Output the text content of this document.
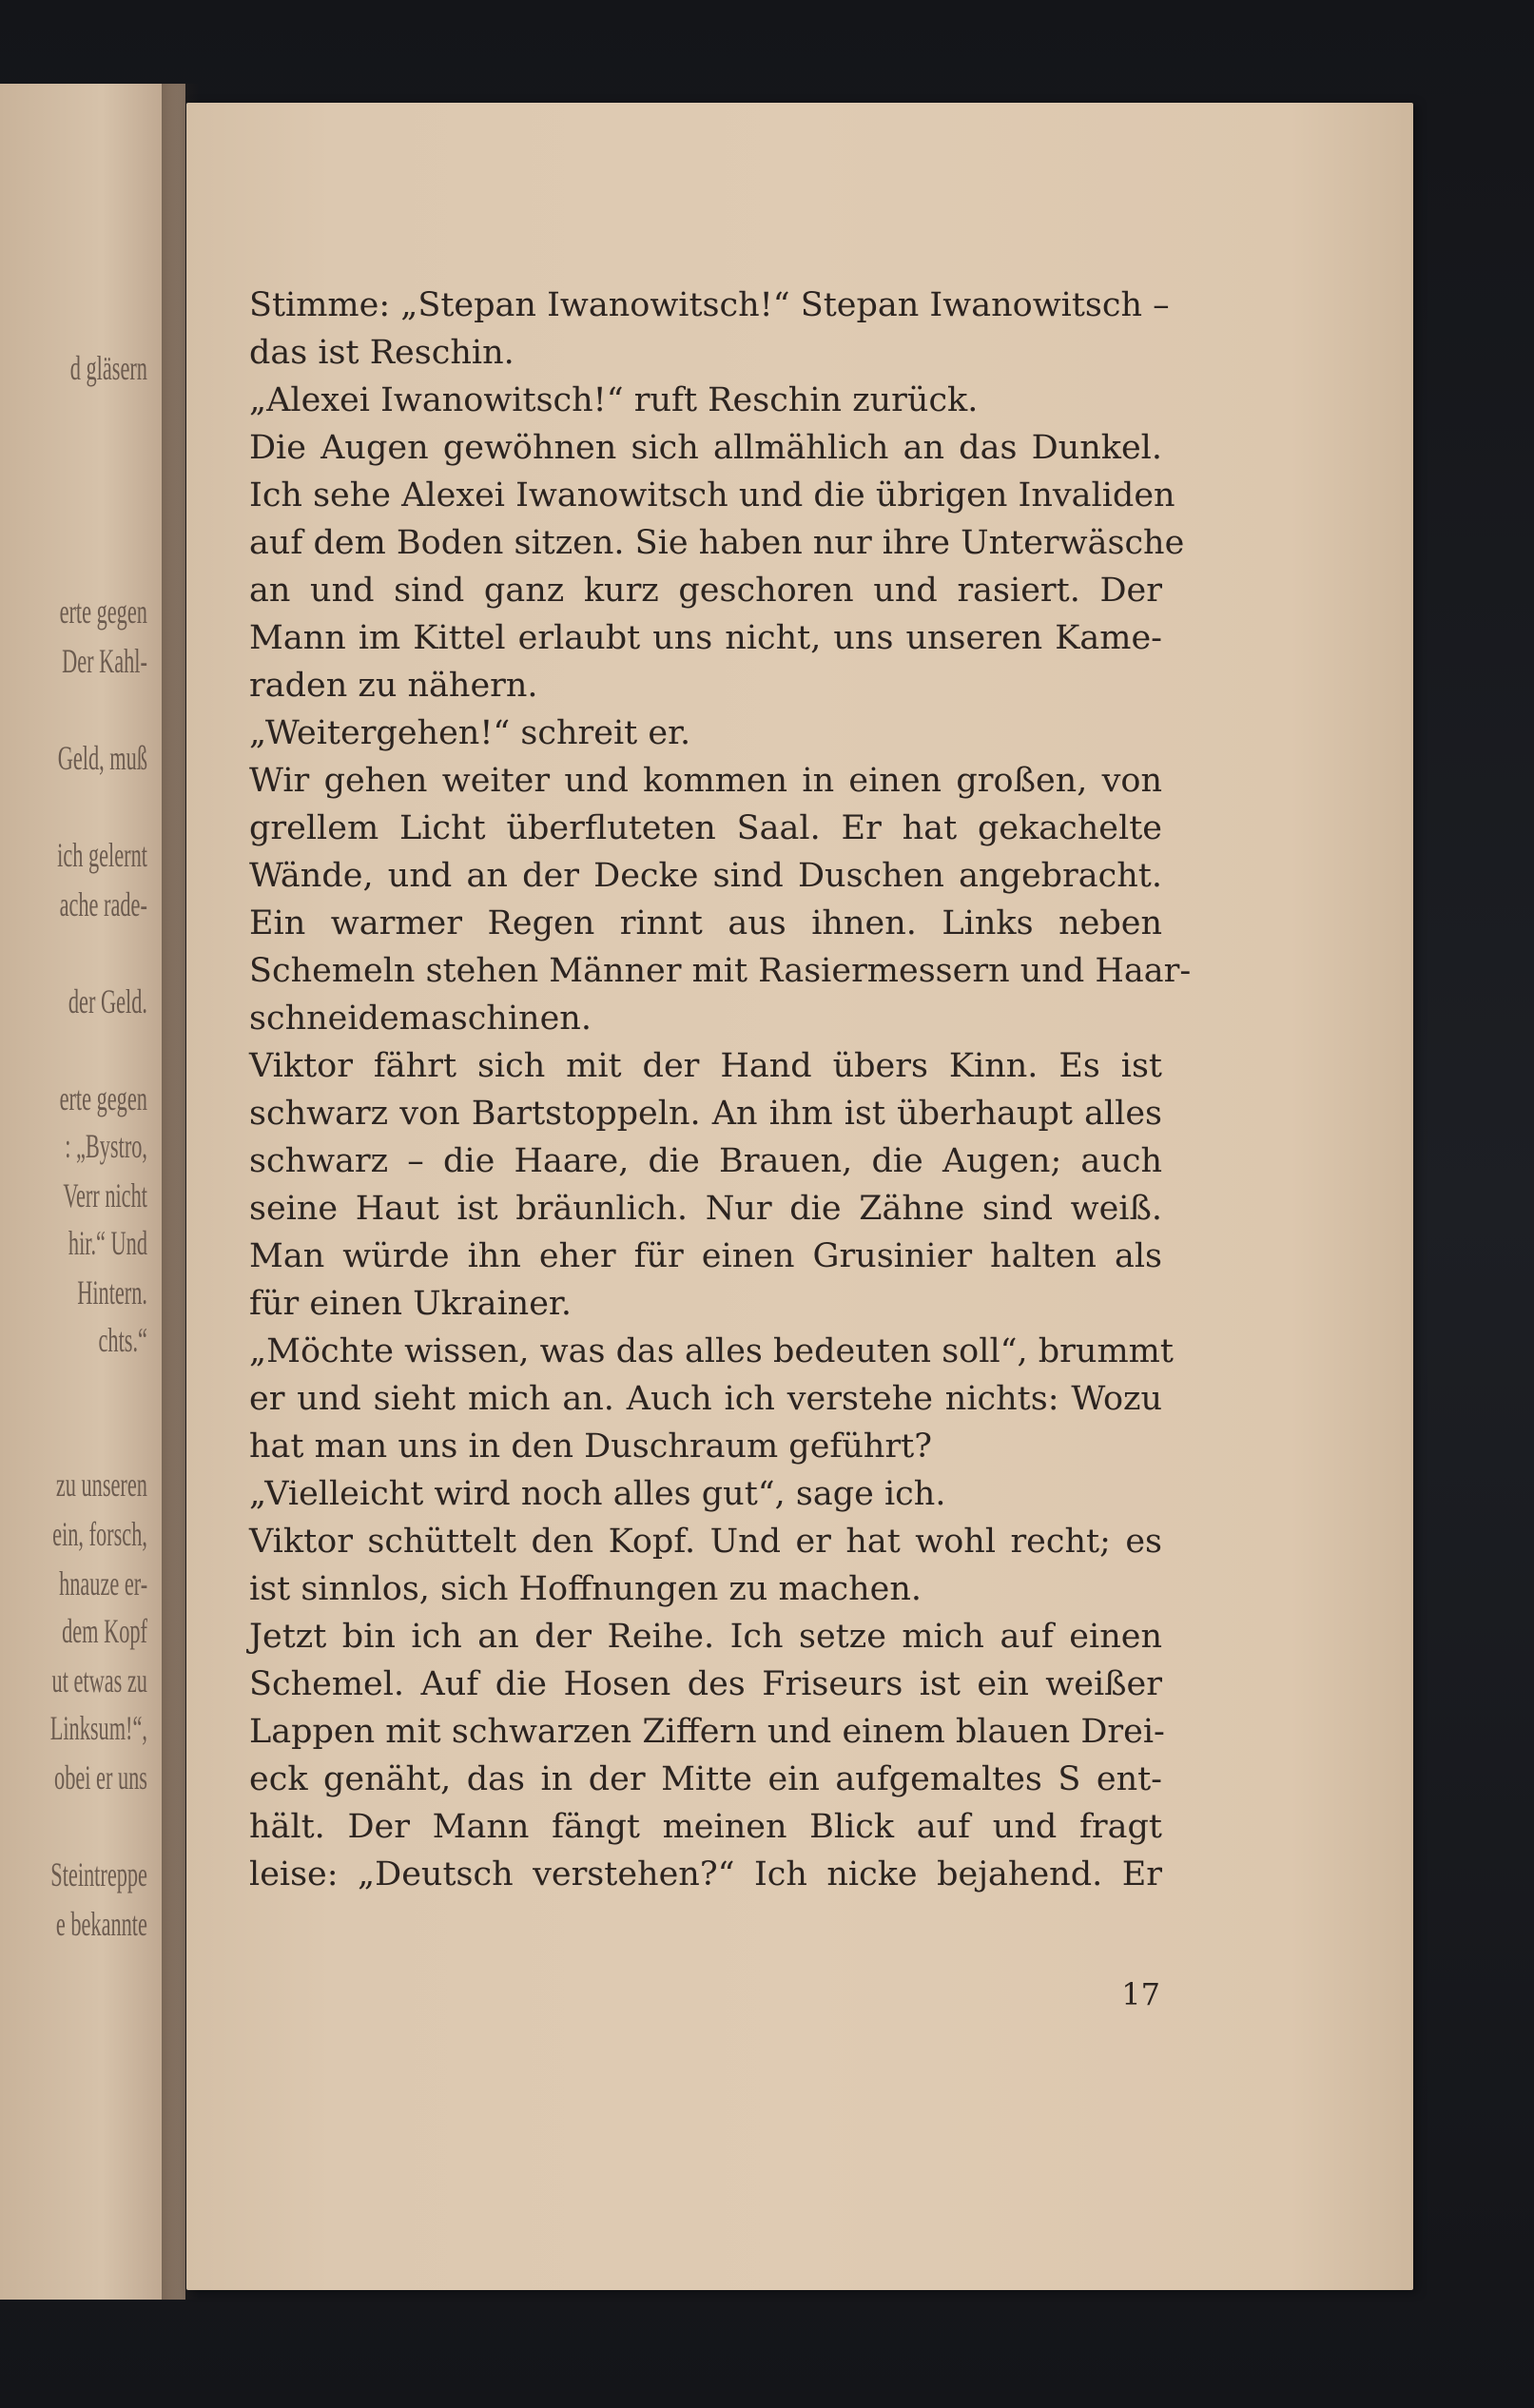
d gläsern
erte gegen
Der Kahl-
Geld, muß
ich gelernt
ache rade-
der Geld.
erte gegen
: „Bystro,
Verr nicht
hir.“ Und
Hintern.
chts.“
zu unseren
ein, forsch,
hnauze er-
dem Kopf
ut etwas zu
Linksum!“,
obei er uns
Steintreppe
e bekannte
Stimme: „Stepan Iwanowitsch!“ Stepan Iwanowitsch –
das ist Reschin.
„Alexei Iwanowitsch!“ ruft Reschin zurück.
Die Augen gewöhnen sich allmählich an das Dunkel.
Ich sehe Alexei Iwanowitsch und die übrigen Invaliden
auf dem Boden sitzen. Sie haben nur ihre Unterwäsche
an und sind ganz kurz geschoren und rasiert. Der
Mann im Kittel erlaubt uns nicht, uns unseren Kame-
raden zu nähern.
„Weitergehen!“ schreit er.
Wir gehen weiter und kommen in einen großen, von
grellem Licht überfluteten Saal. Er hat gekachelte
Wände, und an der Decke sind Duschen angebracht.
Ein warmer Regen rinnt aus ihnen. Links neben
Schemeln stehen Männer mit Rasiermessern und Haar-
schneidemaschinen.
Viktor fährt sich mit der Hand übers Kinn. Es ist
schwarz von Bartstoppeln. An ihm ist überhaupt alles
schwarz – die Haare, die Brauen, die Augen; auch
seine Haut ist bräunlich. Nur die Zähne sind weiß.
Man würde ihn eher für einen Grusinier halten als
für einen Ukrainer.
„Möchte wissen, was das alles bedeuten soll“, brummt
er und sieht mich an. Auch ich verstehe nichts: Wozu
hat man uns in den Duschraum geführt?
„Vielleicht wird noch alles gut“, sage ich.
Viktor schüttelt den Kopf. Und er hat wohl recht; es
ist sinnlos, sich Hoffnungen zu machen.
Jetzt bin ich an der Reihe. Ich setze mich auf einen
Schemel. Auf die Hosen des Friseurs ist ein weißer
Lappen mit schwarzen Ziffern und einem blauen Drei-
eck genäht, das in der Mitte ein aufgemaltes S ent-
hält. Der Mann fängt meinen Blick auf und fragt
leise: „Deutsch verstehen?“ Ich nicke bejahend. Er
17
